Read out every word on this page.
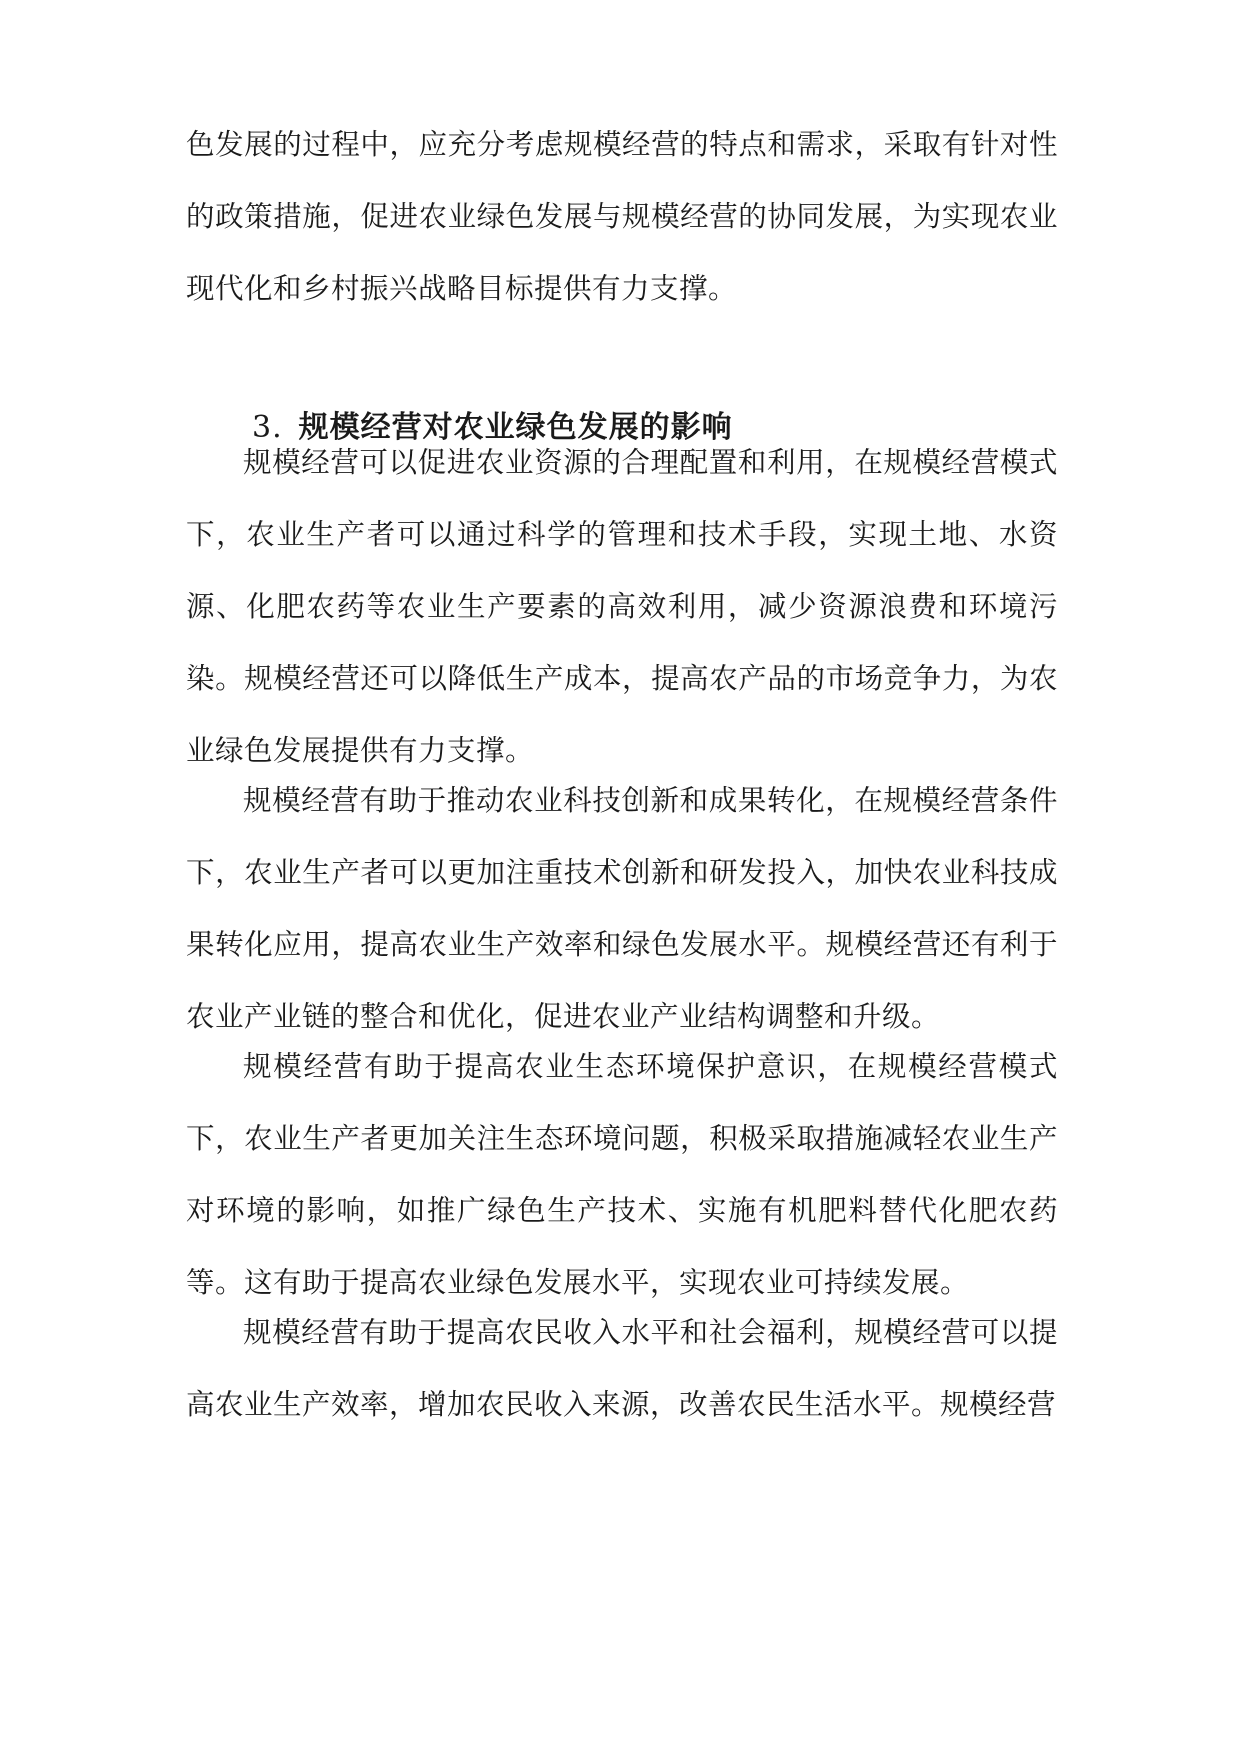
色发展的过程中，应充分考虑规模经营的特点和需求，采取有针对性的政策措施，促进农业绿色发展与规模经营的协同发展，为实现农业现代化和乡村振兴战略目标提供有力支撑。

3. 规模经营对农业绿色发展的影响

规模经营可以促进农业资源的合理配置和利用，在规模经营模式下，农业生产者可以通过科学的管理和技术手段，实现土地、水资源、化肥农药等农业生产要素的高效利用，减少资源浪费和环境污染。规模经营还可以降低生产成本，提高农产品的市场竞争力，为农业绿色发展提供有力支撑。

规模经营有助于推动农业科技创新和成果转化，在规模经营条件下，农业生产者可以更加注重技术创新和研发投入，加快农业科技成果转化应用，提高农业生产效率和绿色发展水平。规模经营还有利于农业产业链的整合和优化，促进农业产业结构调整和升级。

规模经营有助于提高农业生态环境保护意识，在规模经营模式下，农业生产者更加关注生态环境问题，积极采取措施减轻农业生产对环境的影响，如推广绿色生产技术、实施有机肥料替代化肥农药等。这有助于提高农业绿色发展水平，实现农业可持续发展。

规模经营有助于提高农民收入水平和社会福利，规模经营可以提高农业生产效率，增加农民收入来源，改善农民生活水平。规模经营
